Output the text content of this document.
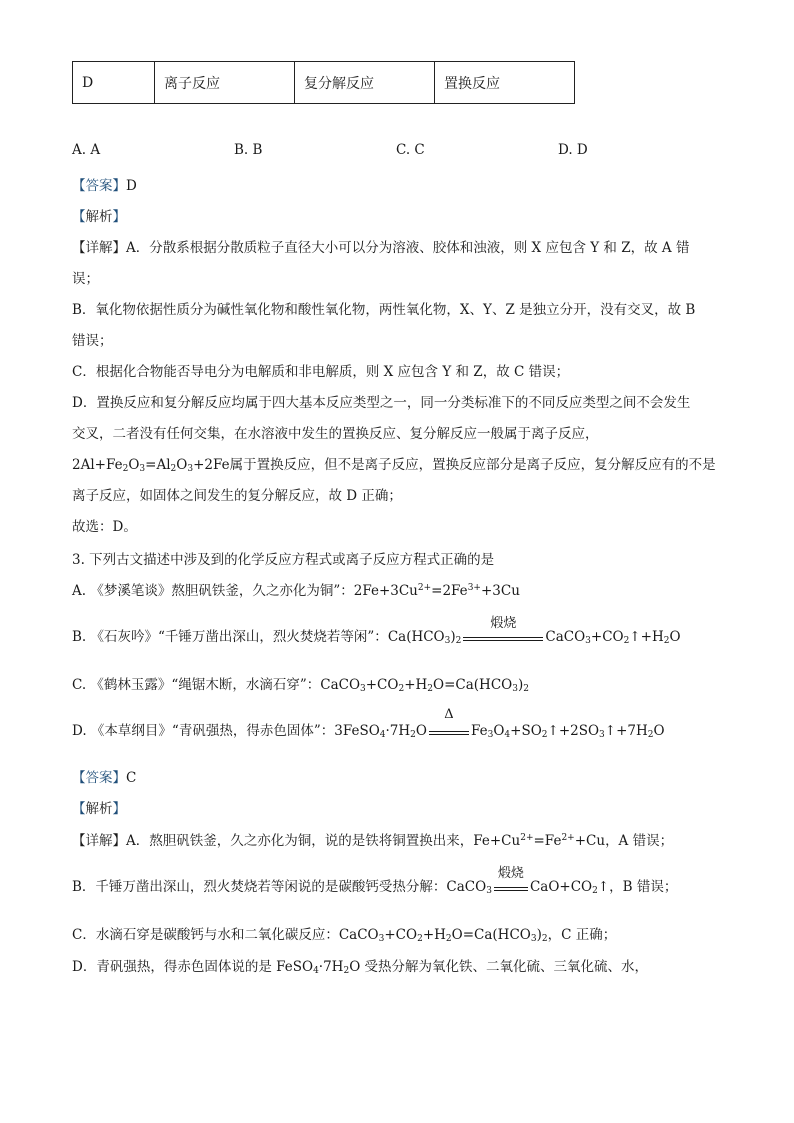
D	离子反应	复分解反应	置换反应
A. A	B. B	C. C	D. D
【答案】D
【解析】
【详解】A．分散系根据分散质粒子直径大小可以分为溶液、胶体和浊液，则 X 应包含 Y 和 Z，故 A 错
误；
B．氧化物依据性质分为碱性氧化物和酸性氧化物，两性氧化物，X、Y、Z 是独立分开，没有交叉，故 B
错误；
C．根据化合物能否导电分为电解质和非电解质，则 X 应包含 Y 和 Z，故 C 错误；
D．置换反应和复分解反应均属于四大基本反应类型之一，同一分类标准下的不同反应类型之间不会发生
交叉，二者没有任何交集，在水溶液中发生的置换反应、复分解反应一般属于离子反应，
$2Al+Fe_2O_3=Al_2O_3+2Fe$属于置换反应，但不是离子反应，置换反应部分是离子反应，复分解反应有的不是
离子反应，如固体之间发生的复分解反应，故 D 正确；
故选：D。
3. 下列古文描述中涉及到的化学反应方程式或离子反应方程式正确的是
A. 《梦溪笔谈》熬胆矾铁釜，久之亦化为铜”：$2Fe+3Cu^{2+}=2Fe^{3+}+3Cu$
B. 《石灰吟》“千锤万凿出深山，烈火焚烧若等闲”：$Ca(HCO_3)_2$
煅烧
$CaCO_3+CO_2↑+H_2O$
C. 《鹤林玉露》“绳锯木断，水滴石穿”：$CaCO_3+CO_2+H_2O=Ca(HCO_3)_2$
D. 《本草纲目》“青矾强热，得赤色固体”：$3FeSO_4\cdot 7H_2O$
Δ
$Fe_3O_4+SO_2↑+2SO_3↑+7H_2O$
【答案】C
【解析】
【详解】A．熬胆矾铁釜，久之亦化为铜，说的是铁将铜置换出来，$Fe+Cu^{2+}=Fe^{2+}+Cu$，A 错误；
B．千锤万凿出深山，烈火焚烧若等闲说的是碳酸钙受热分解：CaCO$_3$
煅烧
$CaO+CO_2↑$，B 错误；
C．水滴石穿是碳酸钙与水和二氧化碳反应：$CaCO_3+CO_2+H_2O=Ca(HCO_3)_2$，C 正确；
D．青矾强热，得赤色固体说的是 $FeSO_4\cdot 7H_2O$ 受热分解为氧化铁、二氧化硫、三氧化硫、水，
